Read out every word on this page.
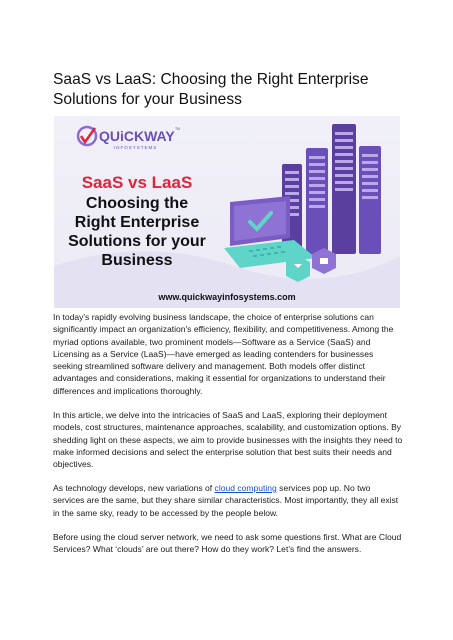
SaaS vs LaaS: Choosing the Right Enterprise Solutions for your Business
QUiCKWAY
INFOSYSTEMS
TM
SaaS vs LaaS
Choosing the
Right Enterprise
Solutions for your
Business
www.quickwayinfosystems.com

In today's rapidly evolving business landscape, the choice of enterprise solutions can significantly impact an organization's efficiency, flexibility, and competitiveness. Among the myriad options available, two prominent models—Software as a Service (SaaS) and Licensing as a Service (LaaS)—have emerged as leading contenders for businesses seeking streamlined software delivery and management. Both models offer distinct advantages and considerations, making it essential for organizations to understand their differences and implications thoroughly.

In this article, we delve into the intricacies of SaaS and LaaS, exploring their deployment models, cost structures, maintenance approaches, scalability, and customization options. By shedding light on these aspects, we aim to provide businesses with the insights they need to make informed decisions and select the enterprise solution that best suits their needs and objectives.

As technology develops, new variations of cloud computing services pop up. No two services are the same, but they share similar characteristics. Most importantly, they all exist in the same sky, ready to be accessed by the people below.

Before using the cloud server network, we need to ask some questions first. What are Cloud Services? What ‘clouds’ are out there? How do they work? Let’s find the answers.
